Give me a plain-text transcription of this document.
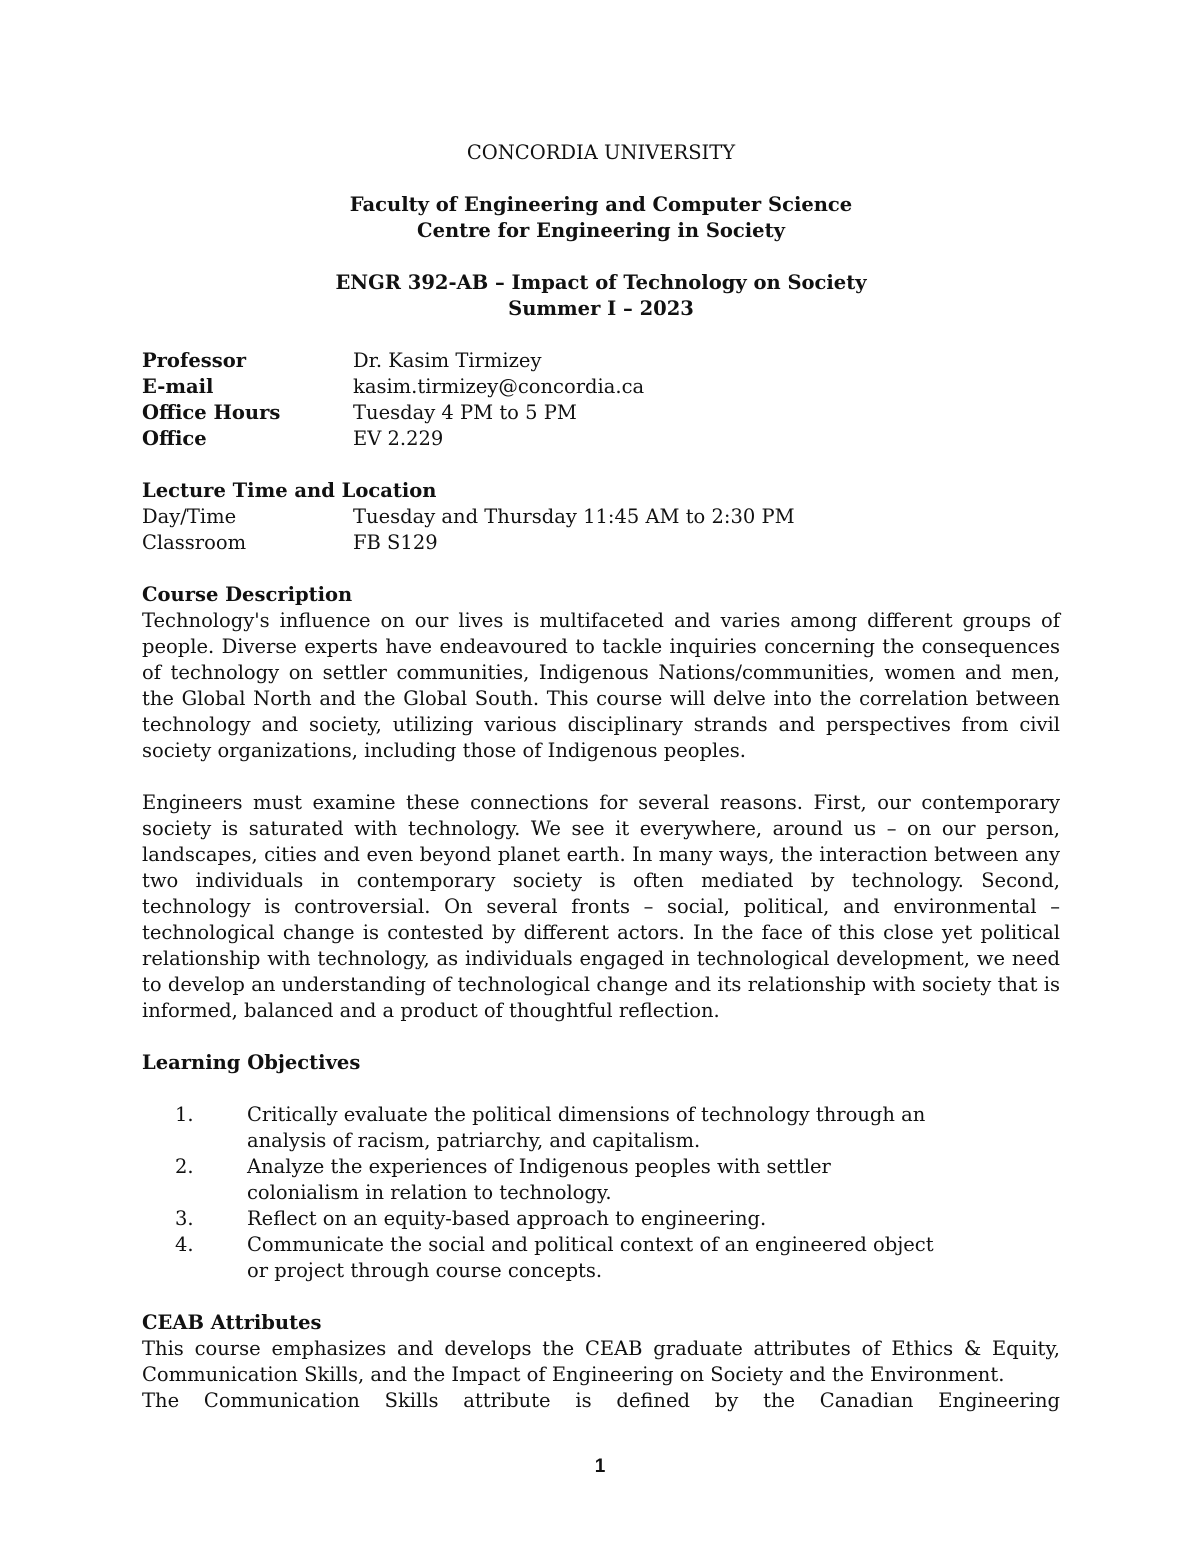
CONCORDIA UNIVERSITY

Faculty of Engineering and Computer Science

Centre for Engineering in Society

ENGR 392-AB – Impact of Technology on Society

Summer I – 2023

Professor	Dr. Kasim Tirmizey
E-mail	kasim.tirmizey@concordia.ca
Office Hours	Tuesday 4 PM to 5 PM
Office	EV 2.229

Lecture Time and Location

Day/Time	Tuesday and Thursday 11:45 AM to 2:30 PM
Classroom	FB S129

Course Description

Technology's influence on our lives is multifaceted and varies among different groups of people. Diverse experts have endeavoured to tackle inquiries concerning the consequences of technology on settler communities, Indigenous Nations/communities, women and men, the Global North and the Global South. This course will delve into the correlation between technology and society, utilizing various disciplinary strands and perspectives from civil society organizations, including those of Indigenous peoples.

Engineers must examine these connections for several reasons. First, our contemporary society is saturated with technology. We see it everywhere, around us – on our person, landscapes, cities and even beyond planet earth. In many ways, the interaction between any two individuals in contemporary society is often mediated by technology. Second, technology is controversial. On several fronts – social, political, and environmental – technological change is contested by different actors. In the face of this close yet political relationship with technology, as individuals engaged in technological development, we need to develop an understanding of technological change and its relationship with society that is informed, balanced and a product of thoughtful reflection.

Learning Objectives

1.	Critically evaluate the political dimensions of technology through an analysis of racism, patriarchy, and capitalism.
2.	Analyze the experiences of Indigenous peoples with settler colonialism in relation to technology.
3.	Reflect on an equity-based approach to engineering.
4.	Communicate the social and political context of an engineered object or project through course concepts.

CEAB Attributes

This course emphasizes and develops the CEAB graduate attributes of Ethics & Equity, Communication Skills, and the Impact of Engineering on Society and the Environment.

The Communication Skills attribute is defined by the Canadian Engineering

1
